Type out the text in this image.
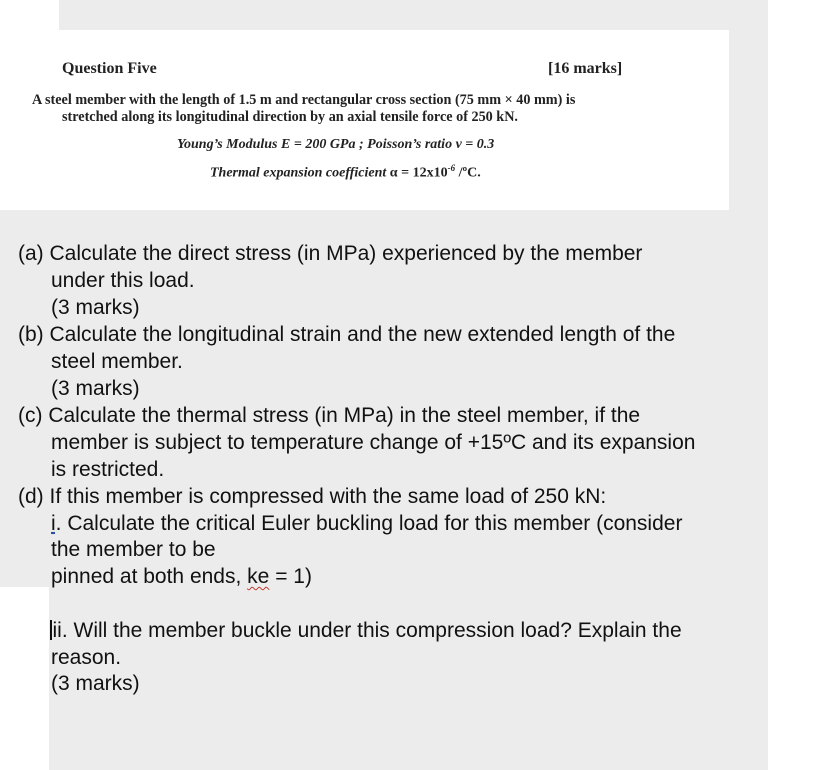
Question Five	[16 marks]
A steel member with the length of 1.5 m and rectangular cross section (75 mm × 40 mm) is
stretched along its longitudinal direction by an axial tensile force of 250 kN.
Young’s Modulus E = 200 GPa ; Poisson’s ratio v = 0.3
Thermal expansion coefficient $\alpha = 12x10^{-6}$ /ºC.
(a) Calculate the direct stress (in MPa) experienced by the member
under this load.
(3 marks)
(b) Calculate the longitudinal strain and the new extended length of the
steel member.
(3 marks)
(c) Calculate the thermal stress (in MPa) in the steel member, if the
member is subject to temperature change of +15ºC and its expansion
is restricted.
(d) If this member is compressed with the same load of 250 kN:
i. Calculate the critical Euler buckling load for this member (consider
the member to be
pinned at both ends, ke = 1)
ii. Will the member buckle under this compression load? Explain the
reason.
(3 marks)
